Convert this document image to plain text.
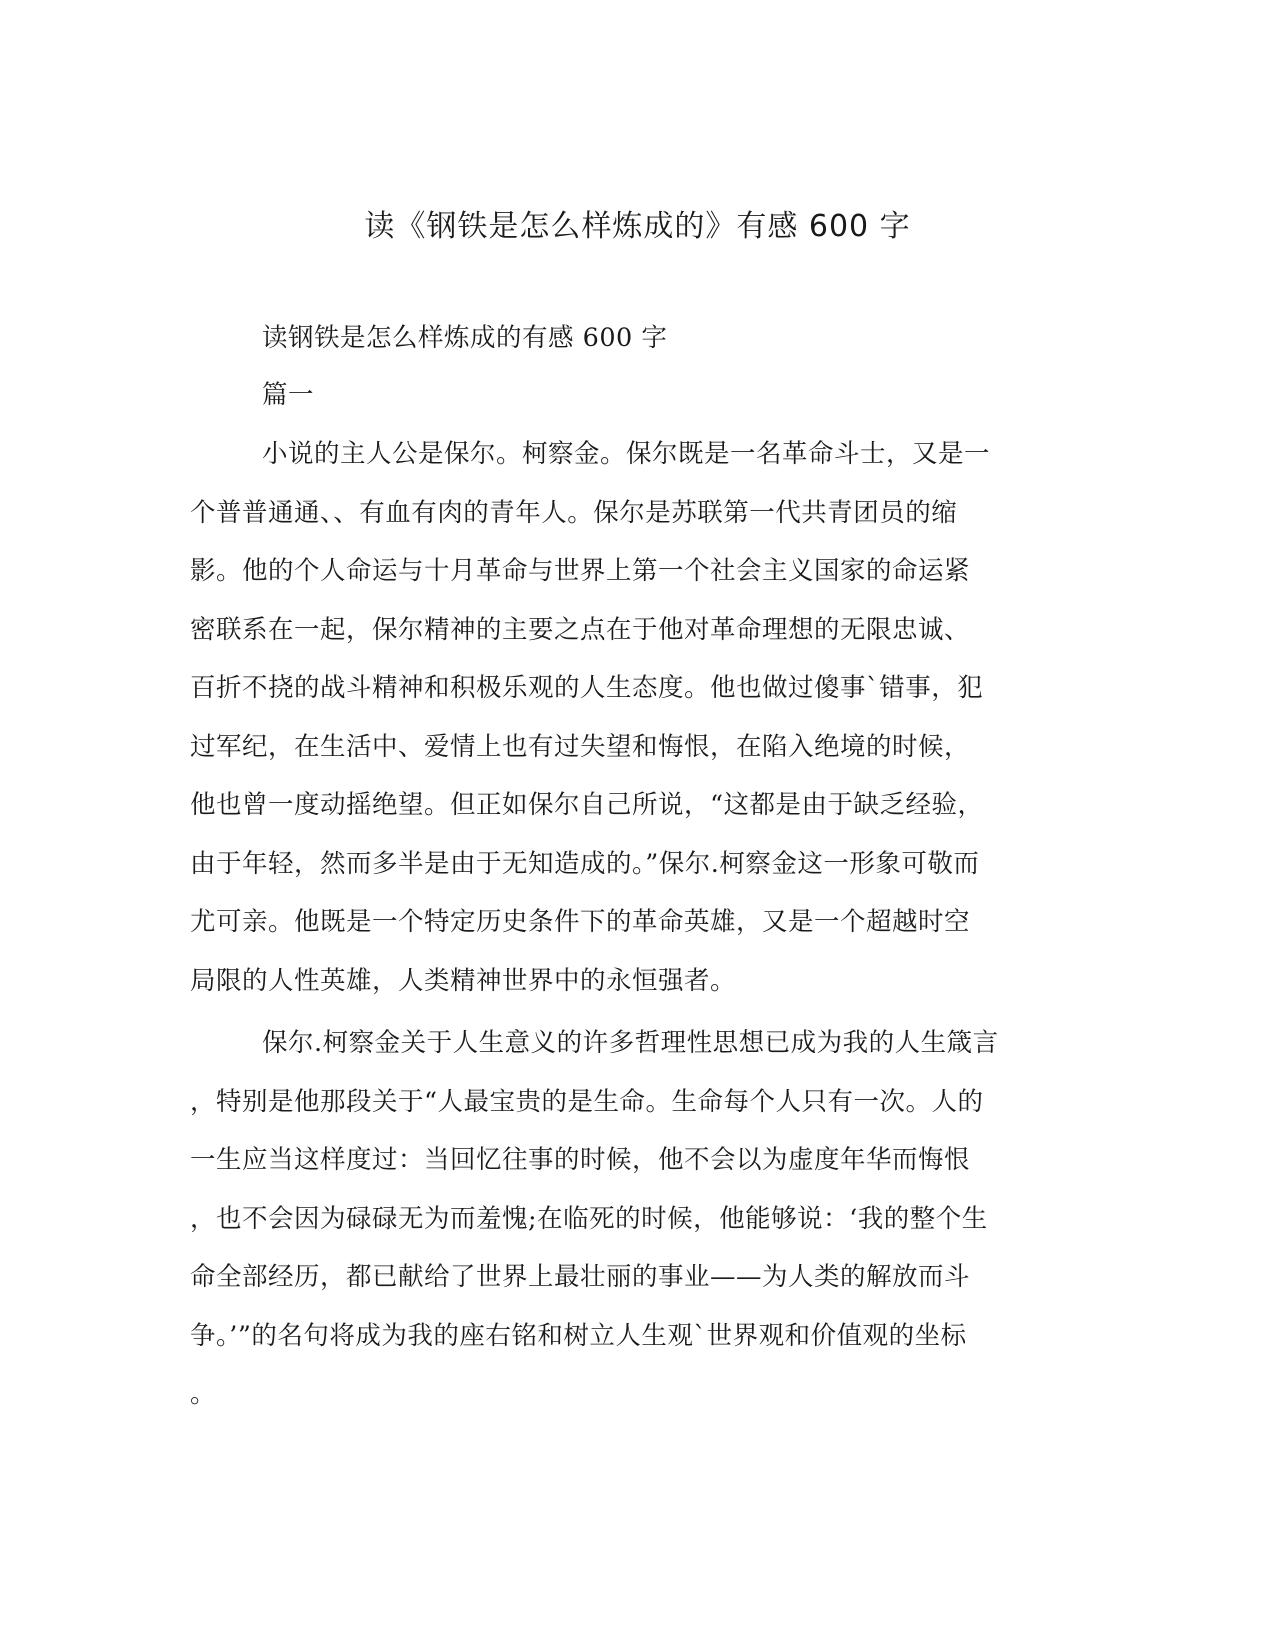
读《钢铁是怎么样炼成的》有感 600 字

读钢铁是怎么样炼成的有感 600 字

篇一

小说的主人公是保尔。柯察金。保尔既是一名革命斗士，又是一

个普普通通、、有血有肉的青年人。保尔是苏联第一代共青团员的缩

影。他的个人命运与十月革命与世界上第一个社会主义国家的命运紧

密联系在一起，保尔精神的主要之点在于他对革命理想的无限忠诚、

百折不挠的战斗精神和积极乐观的人生态度。他也做过傻事`错事，犯

过军纪，在生活中、爱情上也有过失望和悔恨，在陷入绝境的时候，

他也曾一度动摇绝望。但正如保尔自己所说，“这都是由于缺乏经验，

由于年轻，然而多半是由于无知造成的。”保尔.柯察金这一形象可敬而

尤可亲。他既是一个特定历史条件下的革命英雄，又是一个超越时空

局限的人性英雄，人类精神世界中的永恒强者。

保尔.柯察金关于人生意义的许多哲理性思想已成为我的人生箴言

，特别是他那段关于“人最宝贵的是生命。生命每个人只有一次。人的

一生应当这样度过：当回忆往事的时候，他不会以为虚度年华而悔恨

，也不会因为碌碌无为而羞愧;在临死的时候，他能够说：‘我的整个生

命全部经历，都已献给了世界上最壮丽的事业——为人类的解放而斗

争。’”的名句将成为我的座右铭和树立人生观`世界观和价值观的坐标

。
